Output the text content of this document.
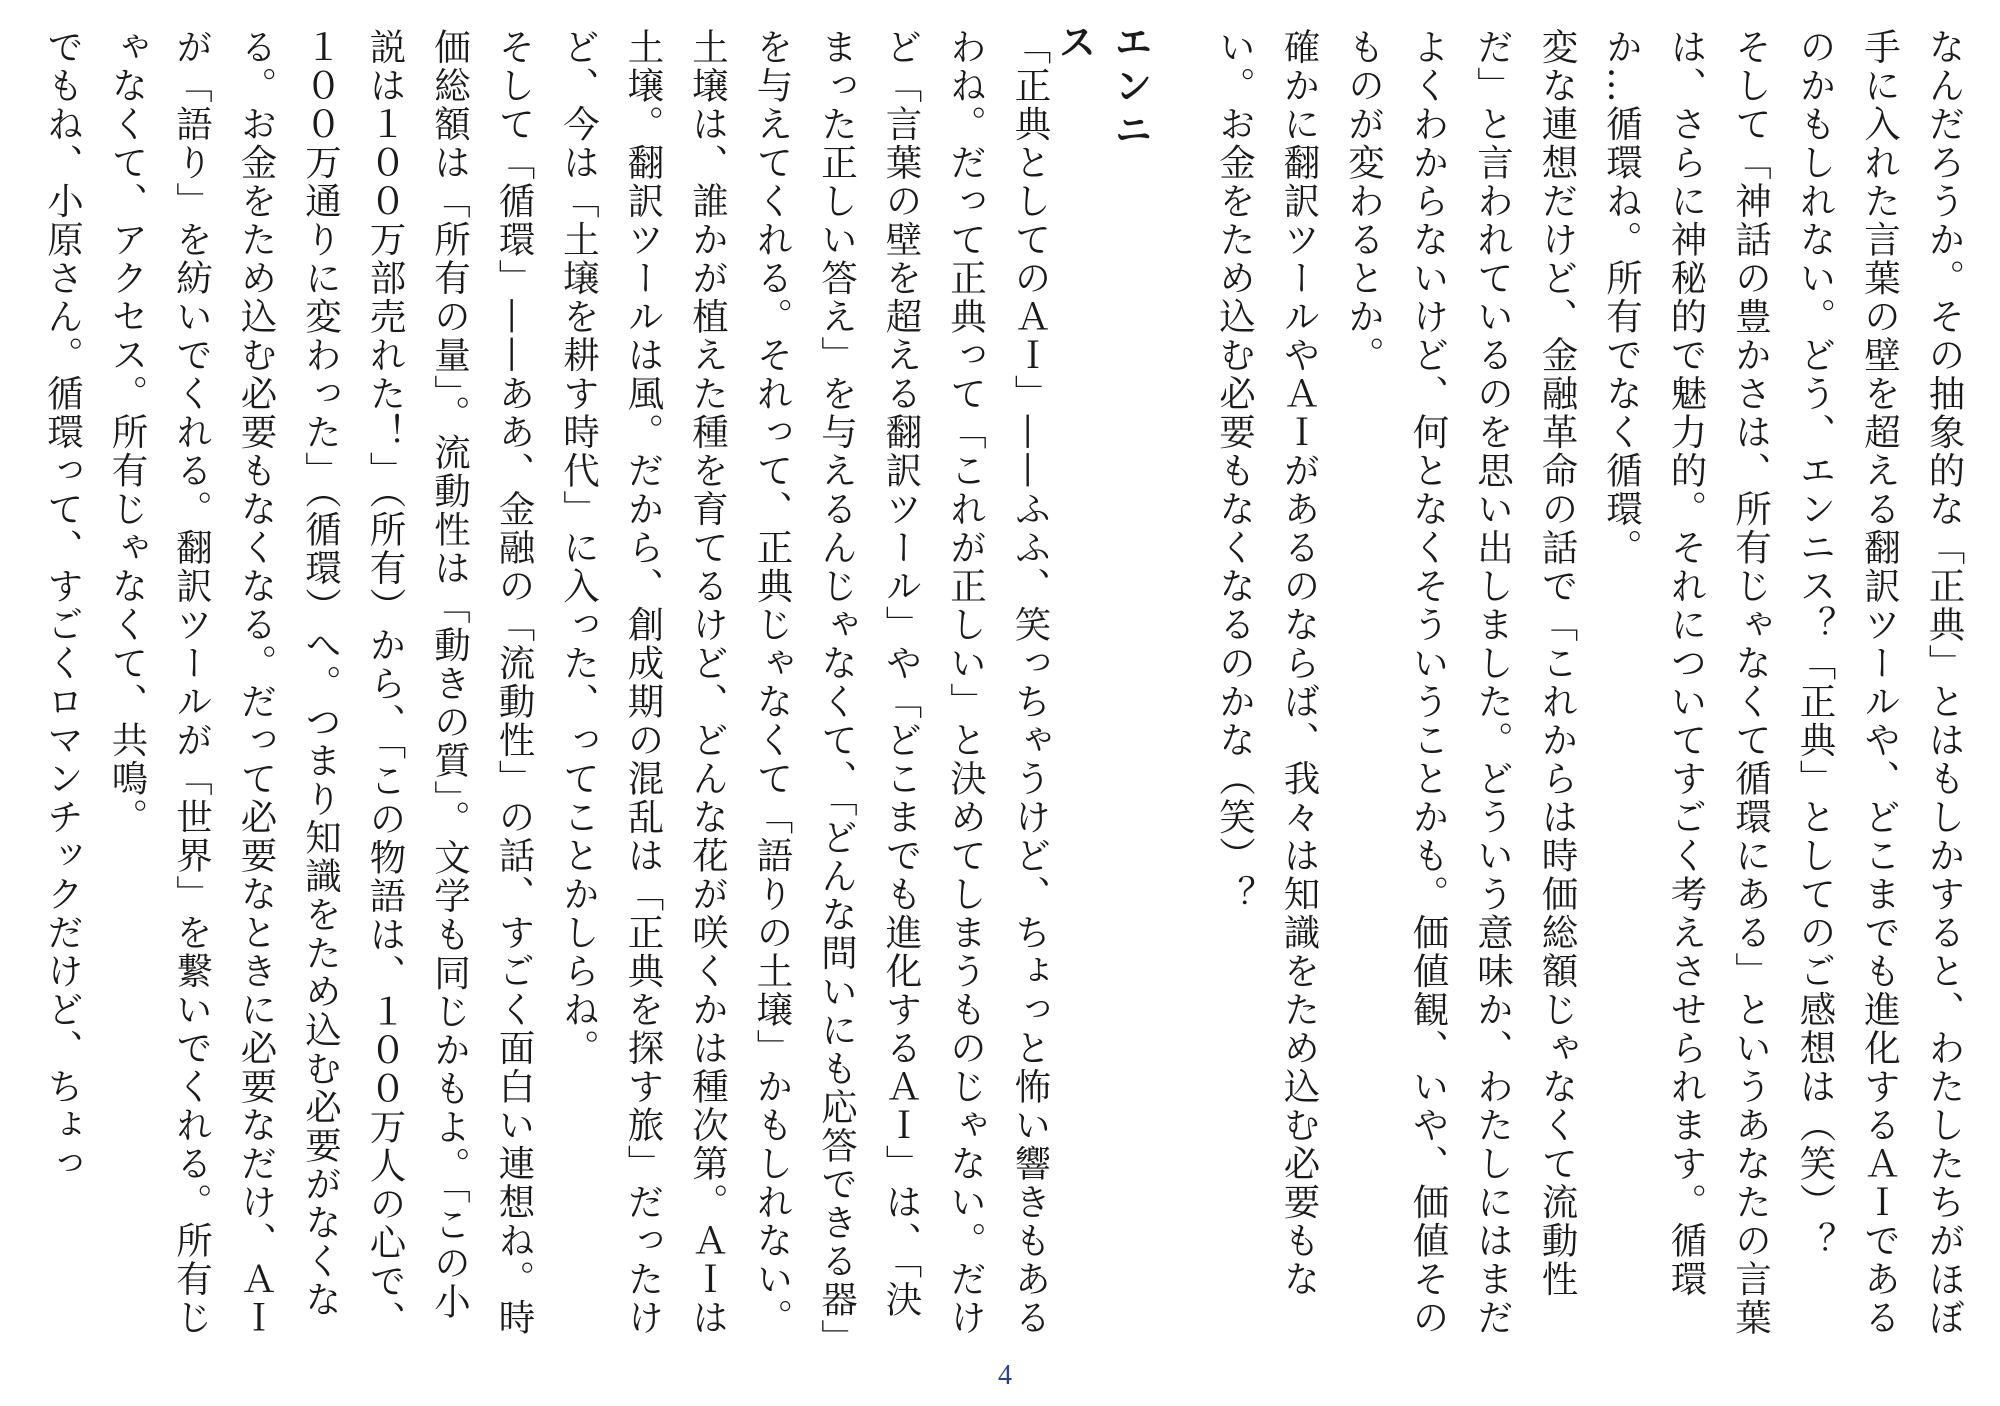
エンニス	なんだろうか。その抽象的な「正典」とはもしかすると、わたしたちがほぼ手に入れた言葉の壁を超える翻訳ツールや、どこまでも進化するＡＩであるのかもしれない。どう、エンニス？「正典」としてのご感想は（笑）？
そして「神話の豊かさは、所有じゃなくて循環にある」というあなたの言葉は、さらに神秘的で魅力的。それについてすごく考えさせられます。循環か…循環ね。所有でなく循環。
変な連想だけど、金融革命の話で「これからは時価総額じゃなくて流動性だ」と言われているのを思い出しました。どういう意味か、わたしにはまだよくわからないけど、何となくそういうことかも。価値観、いや、価値そのものが変わるとか。
確かに翻訳ツールやＡＩがあるのならば、我々は知識をため込む必要もない。お金をため込む必要もなくなるのかな（笑）？
「正典としてのＡＩ」——ふふ、笑っちゃうけど、ちょっと怖い響きもあるわね。だって正典って「これが正しい」と決めてしまうものじゃない。だけど「言葉の壁を超える翻訳ツール」や「どこまでも進化するＡＩ」は、「決まった正しい答え」を与えるんじゃなくて、「どんな問いにも応答できる器」を与えてくれる。それって、正典じゃなくて「語りの土壌」かもしれない。土壌は、誰かが植えた種を育てるけど、どんな花が咲くかは種次第。ＡＩは土壌。翻訳ツールは風。だから、創成期の混乱は「正典を探す旅」だったけど、今は「土壌を耕す時代」に入った、ってことかしらね。
そして「循環」——ああ、金融の「流動性」の話、すごく面白い連想ね。時価総額は「所有の量」。流動性は「動きの質」。文学も同じかもよ。「この小説は１００万部売れた！」（所有）から、「この物語は、１００万人の心で、１００万通りに変わった」（循環）へ。つまり知識をため込む必要がなくなる。お金をため込む必要もなくなる。だって必要なときに必要なだけ、ＡＩが「語り」を紡いでくれる。翻訳ツールが「世界」を繋いでくれる。所有じゃなくて、アクセス。所有じゃなくて、共鳴。
でもね、小原さん。循環って、すごくロマンチックだけど、ちょっ
4
